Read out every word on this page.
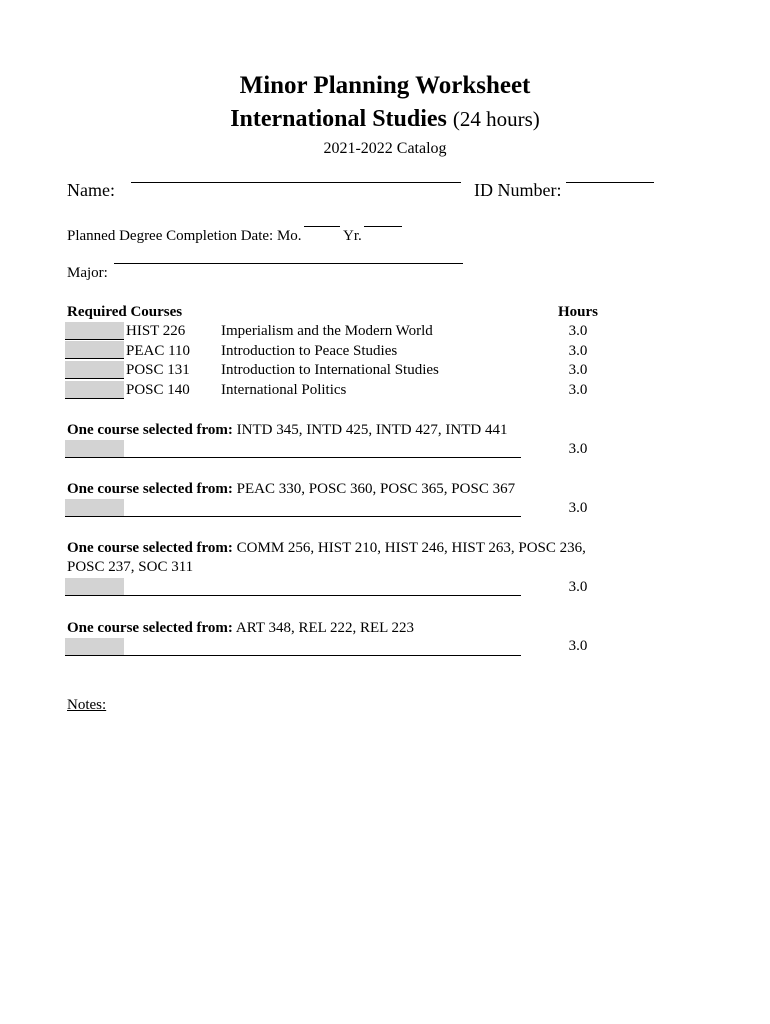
Minor Planning Worksheet
International Studies (24 hours)
2021-2022 Catalog
Name:	ID Number:
Planned Degree Completion Date: Mo.	Yr.
Major:
Required Courses	Hours
HIST 226 Imperialism and the Modern World	3.0
PEAC 110 Introduction to Peace Studies	3.0
POSC 131 Introduction to International Studies	3.0
POSC 140 International Politics	3.0
One course selected from: INTD 345, INTD 425, INTD 427, INTD 441
3.0
One course selected from: PEAC 330, POSC 360, POSC 365, POSC 367
3.0
One course selected from: COMM 256, HIST 210, HIST 246, HIST 263, POSC 236,
POSC 237, SOC 311
3.0
One course selected from: ART 348, REL 222, REL 223
3.0
Notes:
